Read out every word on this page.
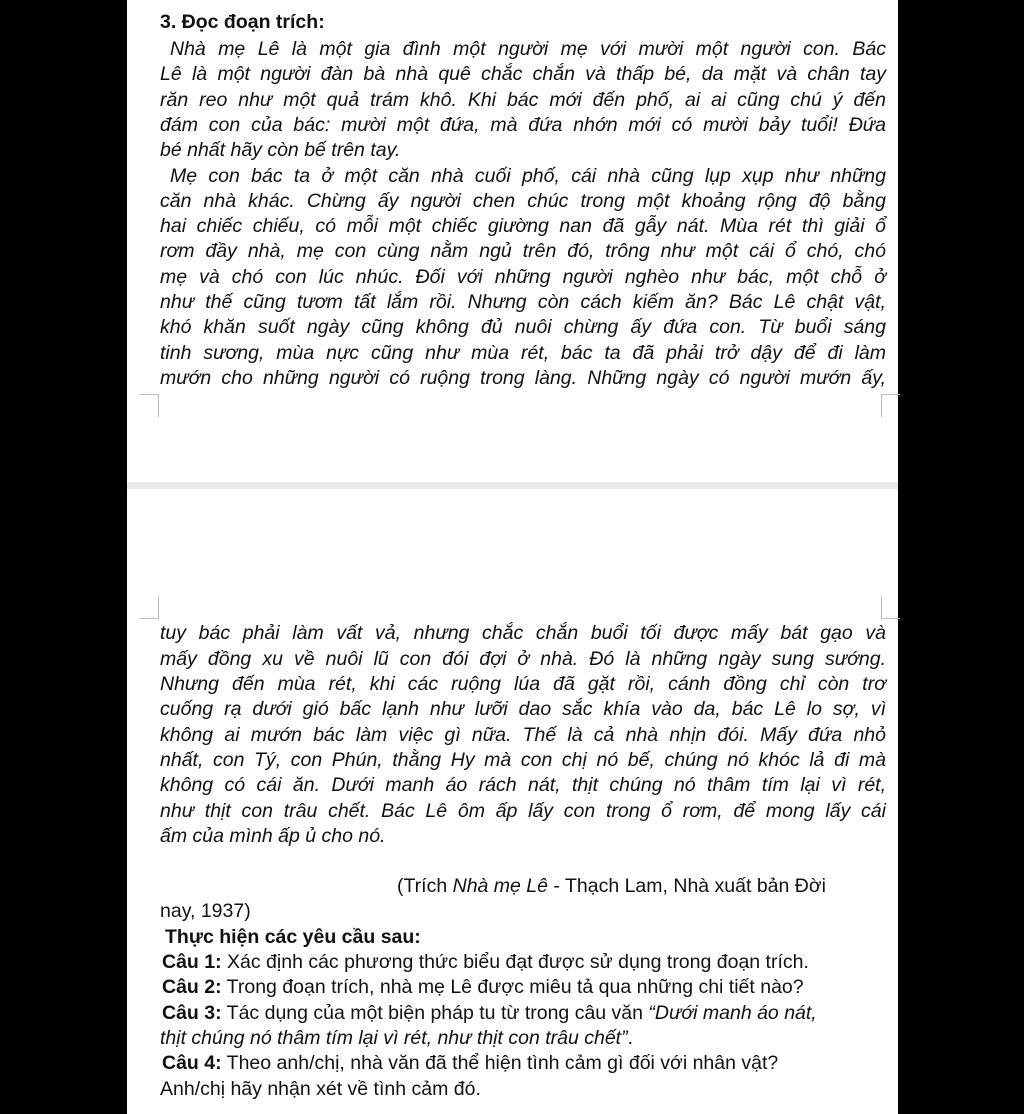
3. Đọc đoạn trích:
Nhà mẹ Lê là một gia đình một người mẹ với mười một người con. Bác
Lê là một người đàn bà nhà quê chắc chắn và thấp bé, da mặt và chân tay
răn reo như một quả trám khô. Khi bác mới đến phố, ai ai cũng chú ý đến
đám con của bác: mười một đứa, mà đứa nhớn mới có mười bảy tuổi! Đứa
bé nhất hãy còn bế trên tay.
Mẹ con bác ta ở một căn nhà cuối phố, cái nhà cũng lụp xụp như những
căn nhà khác. Chừng ấy người chen chúc trong một khoảng rộng độ bằng
hai chiếc chiếu, có mỗi một chiếc giường nan đã gẫy nát. Mùa rét thì giải ổ
rơm đầy nhà, mẹ con cùng nằm ngủ trên đó, trông như một cái ổ chó, chó
mẹ và chó con lúc nhúc. Đối với những người nghèo như bác, một chỗ ở
như thế cũng tươm tất lắm rồi. Nhưng còn cách kiếm ăn? Bác Lê chật vật,
khó khăn suốt ngày cũng không đủ nuôi chừng ấy đứa con. Từ buổi sáng
tinh sương, mùa nực cũng như mùa rét, bác ta đã phải trở dậy để đi làm
mướn cho những người có ruộng trong làng. Những ngày có người mướn ấy,
tuy bác phải làm vất vả, nhưng chắc chắn buổi tối được mấy bát gạo và
mấy đồng xu về nuôi lũ con đói đợi ở nhà. Đó là những ngày sung sướng.
Nhưng đến mùa rét, khi các ruộng lúa đã gặt rồi, cánh đồng chỉ còn trơ
cuống rạ dưới gió bấc lạnh như lưỡi dao sắc khía vào da, bác Lê lo sợ, vì
không ai mướn bác làm việc gì nữa. Thế là cả nhà nhịn đói. Mấy đứa nhỏ
nhất, con Tý, con Phún, thằng Hy mà con chị nó bế, chúng nó khóc lả đi mà
không có cái ăn. Dưới manh áo rách nát, thịt chúng nó thâm tím lại vì rét,
như thịt con trâu chết. Bác Lê ôm ấp lấy con trong ổ rơm, để mong lấy cái
ấm của mình ấp ủ cho nó.
(Trích Nhà mẹ Lê - Thạch Lam, Nhà xuất bản Đời
nay, 1937)
Thực hiện các yêu cầu sau:
Câu 1: Xác định các phương thức biểu đạt được sử dụng trong đoạn trích.
Câu 2: Trong đoạn trích, nhà mẹ Lê được miêu tả qua những chi tiết nào?
Câu 3: Tác dụng của một biện pháp tu từ trong câu văn “Dưới manh áo nát,
thịt chúng nó thâm tím lại vì rét, như thịt con trâu chết”.
Câu 4: Theo anh/chị, nhà văn đã thể hiện tình cảm gì đối với nhân vật?
Anh/chị hãy nhận xét về tình cảm đó.
